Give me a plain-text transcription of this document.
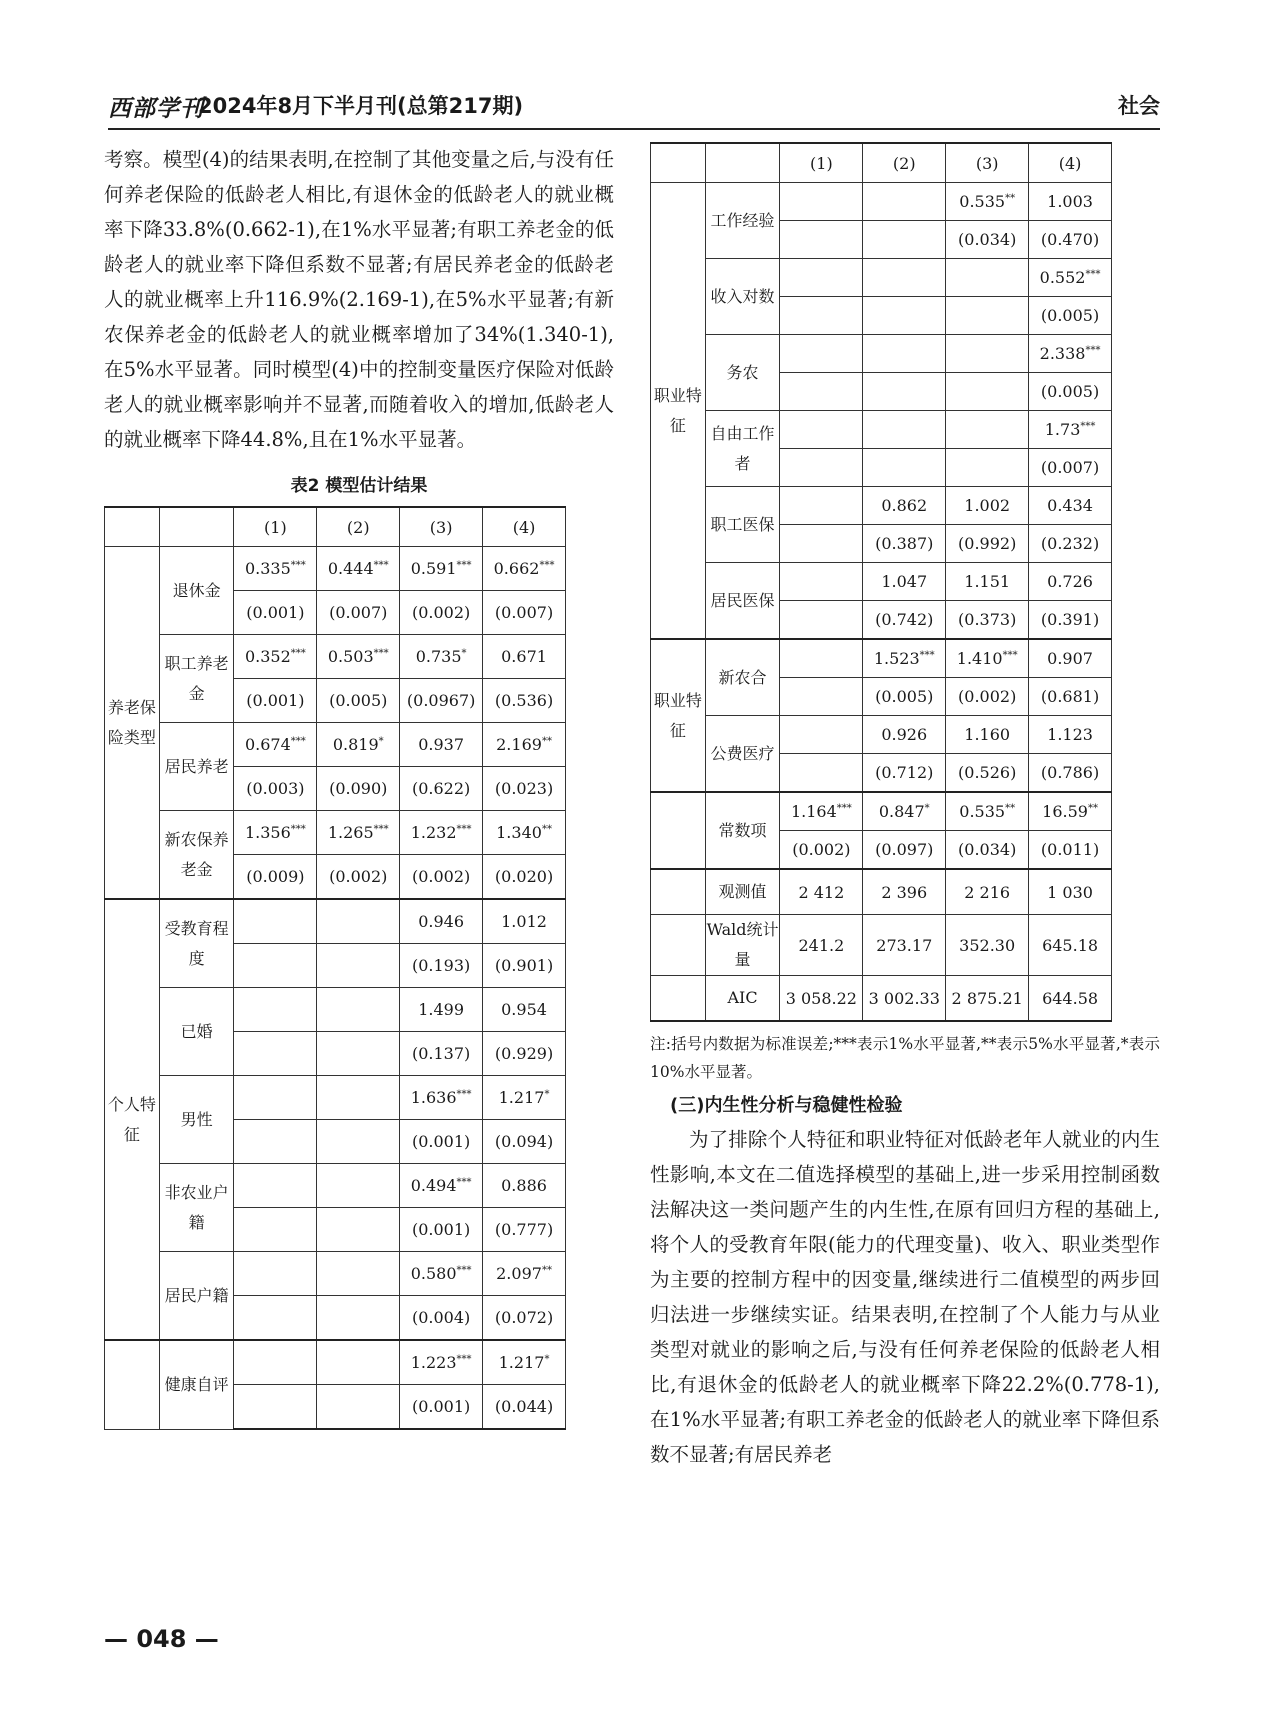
西部学刊
2024年8月下半月刊(总第217期)	社会

考察。模型(4)的结果表明,在控制了其他变量之后,与没有任何养老保险的低龄老人相比,有退休金的低龄老人的就业概率下降33.8%(0.662-1),在1%水平显著;有职工养老金的低龄老人的就业率下降但系数不显著;有居民养老金的低龄老人的就业概率上升116.9%(2.169-1),在5%水平显著;有新农保养老金的低龄老人的就业概率增加了34%(1.340-1),在5%水平显著。同时模型(4)中的控制变量医疗保险对低龄老人的就业概率影响并不显著,而随着收入的增加,低龄老人的就业概率下降44.8%,且在1%水平显著。

表2 模型估计结果
		(1)	(2)	(3)	(4)
养老保险类型	退休金	0.335***	0.444***	0.591***	0.662***
		(0.001)	(0.007)	(0.002)	(0.007)
	职工养老金	0.352***	0.503***	0.735*	0.671
		(0.001)	(0.005)	(0.0967)	(0.536)
	居民养老	0.674***	0.819*	0.937	2.169**
		(0.003)	(0.090)	(0.622)	(0.023)
	新农保养老金	1.356***	1.265***	1.232***	1.340**
		(0.009)	(0.002)	(0.002)	(0.020)
个人特征	受教育程度			0.946	1.012
				(0.193)	(0.901)
	已婚			1.499	0.954
				(0.137)	(0.929)
	男性			1.636***	1.217*
				(0.001)	(0.094)
	非农业户籍			0.494***	0.886
				(0.001)	(0.777)
	居民户籍			0.580***	2.097**
				(0.004)	(0.072)
	健康自评			1.223***	1.217*
				(0.001)	(0.044)
		(1)	(2)	(3)	(4)
职业特征	工作经验			0.535**	1.003
				(0.034)	(0.470)
	收入对数				0.552***
					(0.005)
	务农				2.338***
					(0.005)
	自由工作者				1.73***
					(0.007)
	职工医保		0.862	1.002	0.434
			(0.387)	(0.992)	(0.232)
	居民医保		1.047	1.151	0.726
			(0.742)	(0.373)	(0.391)
职业特征	新农合		1.523***	1.410***	0.907
			(0.005)	(0.002)	(0.681)
	公费医疗		0.926	1.160	1.123
			(0.712)	(0.526)	(0.786)
	常数项	1.164***	0.847*	0.535**	16.59**
		(0.002)	(0.097)	(0.034)	(0.011)
	观测值	2 412	2 396	2 216	1 030
	Wald统计量	241.2	273.17	352.30	645.18
	AIC	3 058.22	3 002.33	2 875.21	644.58
注:括号内数据为标准误差;***表示1%水平显著,**表示5%水平显著,*表示10%水平显著。
(三)内生性分析与稳健性检验

为了排除个人特征和职业特征对低龄老年人就业的内生性影响,本文在二值选择模型的基础上,进一步采用控制函数法解决这一类问题产生的内生性,在原有回归方程的基础上,将个人的受教育年限(能力的代理变量)、收入、职业类型作为主要的控制方程中的因变量,继续进行二值模型的两步回归法进一步继续实证。结果表明,在控制了个人能力与从业类型对就业的影响之后,与没有任何养老保险的低龄老人相比,有退休金的低龄老人的就业概率下降22.2%(0.778-1),在1%水平显著;有职工养老金的低龄老人的就业率下降但系数不显著;有居民养老

— 048 —
